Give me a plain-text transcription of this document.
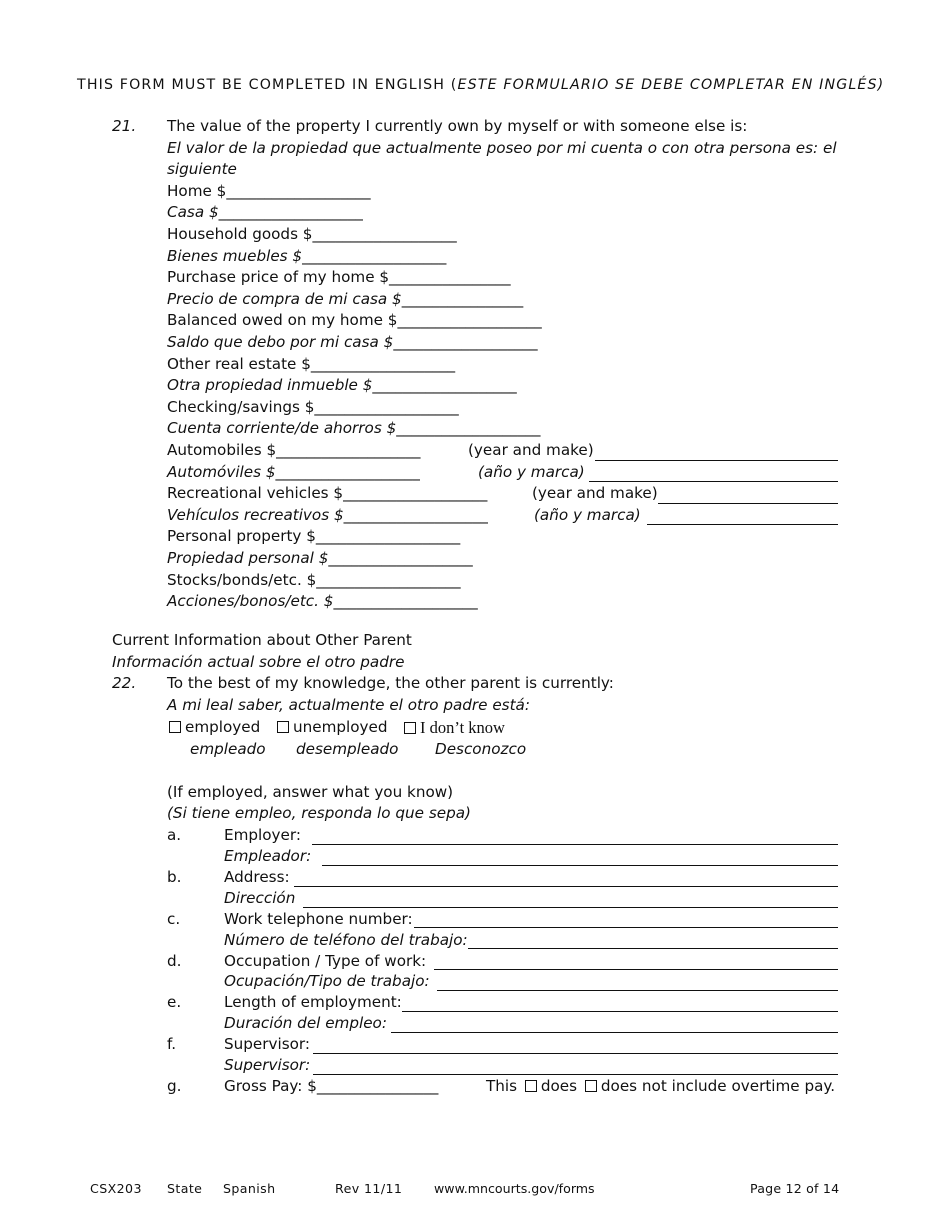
THIS FORM MUST BE COMPLETED IN ENGLISH (ESTE FORMULARIO SE DEBE COMPLETAR EN INGLÉS)
21. The value of the property I currently own by myself or with someone else is:
El valor de la propiedad que actualmente poseo por mi cuenta o con otra persona es: el
siguiente
Home $___________________
Casa $___________________
Household goods $___________________
Bienes muebles $___________________
Purchase price of my home $________________
Precio de compra de mi casa $________________
Balanced owed on my home $___________________
Saldo que debo por mi casa $___________________
Other real estate $___________________
Otra propiedad inmueble $___________________
Checking/savings $___________________
Cuenta corriente/de ahorros $___________________
Automobiles $___________________	(year and make)
Automóviles $___________________	(año y marca)
Recreational vehicles $___________________	(year and make)
Vehículos recreativos $___________________	(año y marca)
Personal property $___________________
Propiedad personal $___________________
Stocks/bonds/etc. $___________________
Acciones/bonos/etc. $___________________
Current Information about Other Parent
Información actual sobre el otro padre
22. To the best of my knowledge, the other parent is currently:
A mi leal saber, actualmente el otro padre está:
employed	unemployed	I don’t know
empleado desempleado Desconozco
(If employed, answer what you know)
(Si tiene empleo, responda lo que sepa)
a.	Employer:
Empleador:
b.	Address:
Dirección
c.	Work telephone number:
Número de teléfono del trabajo:
d.	Occupation / Type of work:
Ocupación/Tipo de trabajo:
e.	Length of employment:
Duración del empleo:
f.	Supervisor:
Supervisor:
g.	Gross Pay: $________________	This does does not include overtime pay.
CSX203 State Spanish	Rev 11/11	www.mncourts.gov/forms	Page 12 of 14
